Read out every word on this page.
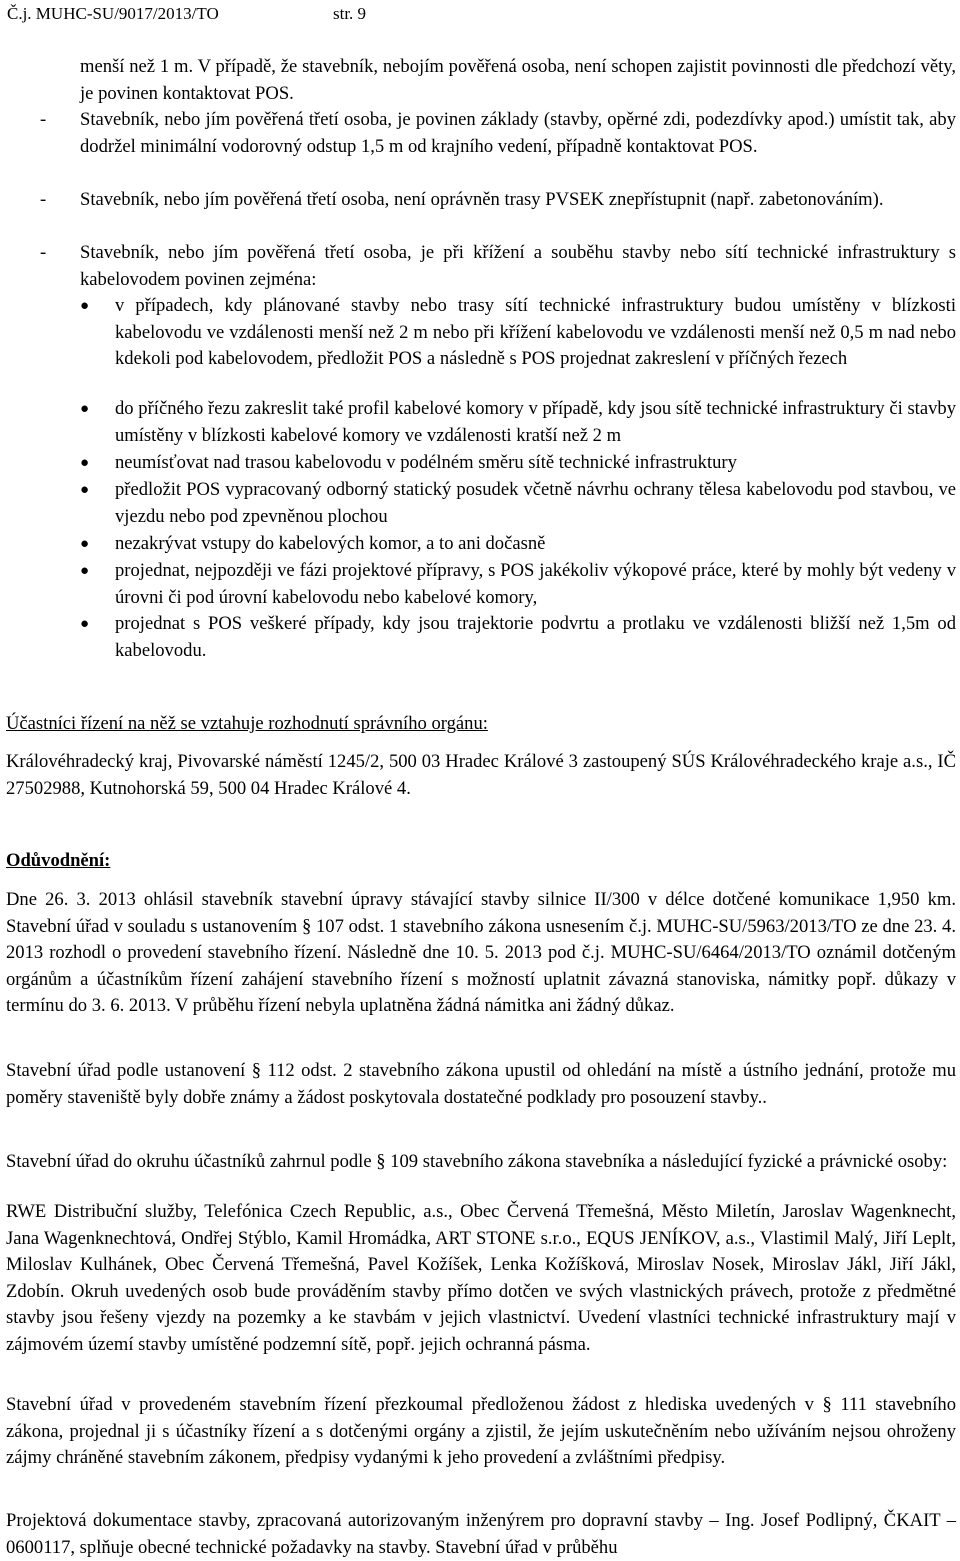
Č.j. MUHC-SU/9017/2013/TO	str. 9
menší než 1 m. V případě, že stavebník, nebojím pověřená osoba, není schopen zajistit povinnosti dle předchozí věty, je povinen kontaktovat POS.
- Stavebník, nebo jím pověřená třetí osoba, je povinen základy (stavby, opěrné zdi, podezdívky apod.) umístit tak, aby dodržel minimální vodorovný odstup 1,5 m od krajního vedení, případně kontaktovat POS.
- Stavebník, nebo jím pověřená třetí osoba, není oprávněn trasy PVSEK znepřístupnit (např. zabetonováním).
- Stavebník, nebo jím pověřená třetí osoba, je při křížení a souběhu stavby nebo sítí technické infrastruktury s kabelovodem povinen zejména:
● v případech, kdy plánované stavby nebo trasy sítí technické infrastruktury budou umístěny v blízkosti kabelovodu ve vzdálenosti menší než 2 m nebo při křížení kabelovodu ve vzdálenosti menší než 0,5 m nad nebo kdekoli pod kabelovodem, předložit POS a následně s POS projednat zakreslení v příčných řezech
● do příčného řezu zakreslit také profil kabelové komory v případě, kdy jsou sítě technické infrastruktury či stavby umístěny v blízkosti kabelové komory ve vzdálenosti kratší než 2 m
● neumísťovat nad trasou kabelovodu v podélném směru sítě technické infrastruktury
● předložit POS vypracovaný odborný statický posudek včetně návrhu ochrany tělesa kabelovodu pod stavbou, ve vjezdu nebo pod zpevněnou plochou
● nezakrývat vstupy do kabelových komor, a to ani dočasně
● projednat, nejpozději ve fázi projektové přípravy, s POS jakékoliv výkopové práce, které by mohly být vedeny v úrovni či pod úrovní kabelovodu nebo kabelové komory,
● projednat s POS veškeré případy, kdy jsou trajektorie podvrtu a protlaku ve vzdálenosti bližší než 1,5m od kabelovodu.
Účastníci řízení na něž se vztahuje rozhodnutí správního orgánu:
Královéhradecký kraj, Pivovarské náměstí 1245/2, 500 03 Hradec Králové 3 zastoupený SÚS Královéhradeckého kraje a.s., IČ 27502988, Kutnohorská 59, 500 04 Hradec Králové 4.
Odůvodnění:
Dne 26. 3. 2013 ohlásil stavebník stavební úpravy stávající stavby silnice II/300 v délce dotčené komunikace 1,950 km. Stavební úřad v souladu s ustanovením § 107 odst. 1 stavebního zákona usnesením č.j. MUHC-SU/5963/2013/TO ze dne 23. 4. 2013 rozhodl o provedení stavebního řízení. Následně dne 10. 5. 2013 pod č.j. MUHC-SU/6464/2013/TO oznámil dotčeným orgánům a účastníkům řízení zahájení stavebního řízení s možností uplatnit závazná stanoviska, námitky popř. důkazy v termínu do 3. 6. 2013. V průběhu řízení nebyla uplatněna žádná námitka ani žádný důkaz.
Stavební úřad podle ustanovení § 112 odst. 2 stavebního zákona upustil od ohledání na místě a ústního jednání, protože mu poměry staveniště byly dobře známy a žádost poskytovala dostatečné podklady pro posouzení stavby..
Stavební úřad do okruhu účastníků zahrnul podle § 109 stavebního zákona stavebníka a následující fyzické a právnické osoby:
RWE Distribuční služby, Telefónica Czech Republic, a.s., Obec Červená Třemešná, Město Miletín, Jaroslav Wagenknecht, Jana Wagenknechtová, Ondřej Stýblo, Kamil Hromádka, ART STONE s.r.o., EQUS JENÍKOV, a.s., Vlastimil Malý, Jiří Leplt, Miloslav Kulhánek, Obec Červená Třemešná, Pavel Kožíšek, Lenka Kožíšková, Miroslav Nosek, Miroslav Jákl, Jiří Jákl, Zdobín. Okruh uvedených osob bude prováděním stavby přímo dotčen ve svých vlastnických právech, protože z předmětné stavby jsou řešeny vjezdy na pozemky a ke stavbám v jejich vlastnictví. Uvedení vlastníci technické infrastruktury mají v zájmovém území stavby umístěné podzemní sítě, popř. jejich ochranná pásma.
Stavební úřad v provedeném stavebním řízení přezkoumal předloženou žádost z hlediska uvedených v § 111 stavebního zákona, projednal ji s účastníky řízení a s dotčenými orgány a zjistil, že jejím uskutečněním nebo užíváním nejsou ohroženy zájmy chráněné stavebním zákonem, předpisy vydanými k jeho provedení a zvláštními předpisy.
Projektová dokumentace stavby, zpracovaná autorizovaným inženýrem pro dopravní stavby – Ing. Josef Podlipný, ČKAIT – 0600117, splňuje obecné technické požadavky na stavby. Stavební úřad v průběhu
